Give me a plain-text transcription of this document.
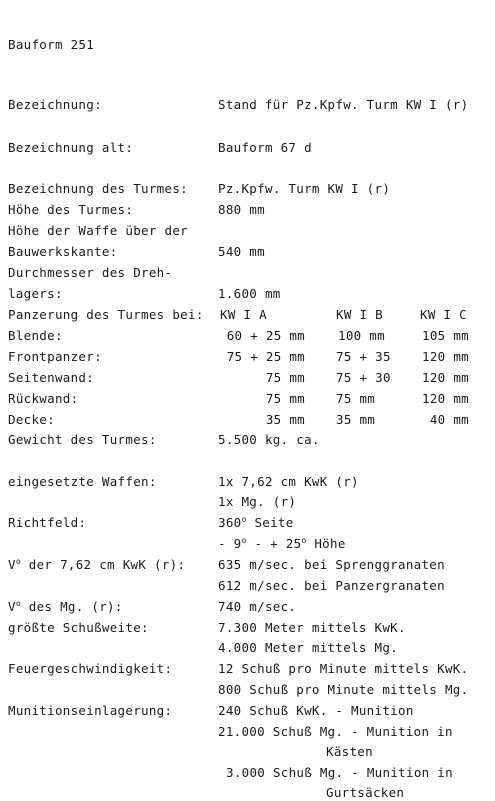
Bauform 251
Bezeichnung:	Stand für Pz.Kpfw. Turm KW I (r)
Bezeichnung alt:	Bauform 67 d
Bezeichnung des Turmes: Pz.Kpfw. Turm KW I (r)
Höhe des Turmes:	880 mm
Höhe der Waffe über der
Bauwerkskante:	540 mm
Durchmesser des Dreh-
lagers:	1.600 mm
Panzerung des Turmes bei: KW I A	KW I B	KW I C
Blende:	60 + 25 mm	100 mm	105 mm
Frontpanzer:	75 + 25 mm 75 + 35	120 mm
Seitenwand:	75 mm 75 + 30	120 mm
Rückwand:	75 mm 75 mm	120 mm
Decke:	35 mm 35 mm	40 mm
Gewicht des Turmes:	5.500 kg. ca.
eingesetzte Waffen:	1x 7,62 cm KwK (r)
1x Mg. (r)
Richtfeld:	360$^o$ Seite
- 9$^o$ - + $25^o$ Höhe
$V^o$ der 7,62 cm KwK (r):	635 m/sec. bei Sprenggranaten
612 m/sec. bei Panzergranaten
$V^o$ des Mg. (r):	740 m/sec.
größte Schußweite:	7.300 Meter mittels KwK.
4.000 Meter mittels Mg.
Feuergeschwindigkeit:	12 Schuß pro Minute mittels KwK.
800 Schuß pro Minute mittels Mg.
Munitionseinlagerung:	240 Schuß KwK. - Munition
21.000 Schuß Mg. - Munition in
Kästen
3.000 Schuß Mg. - Munition in
Gurtsäcken
